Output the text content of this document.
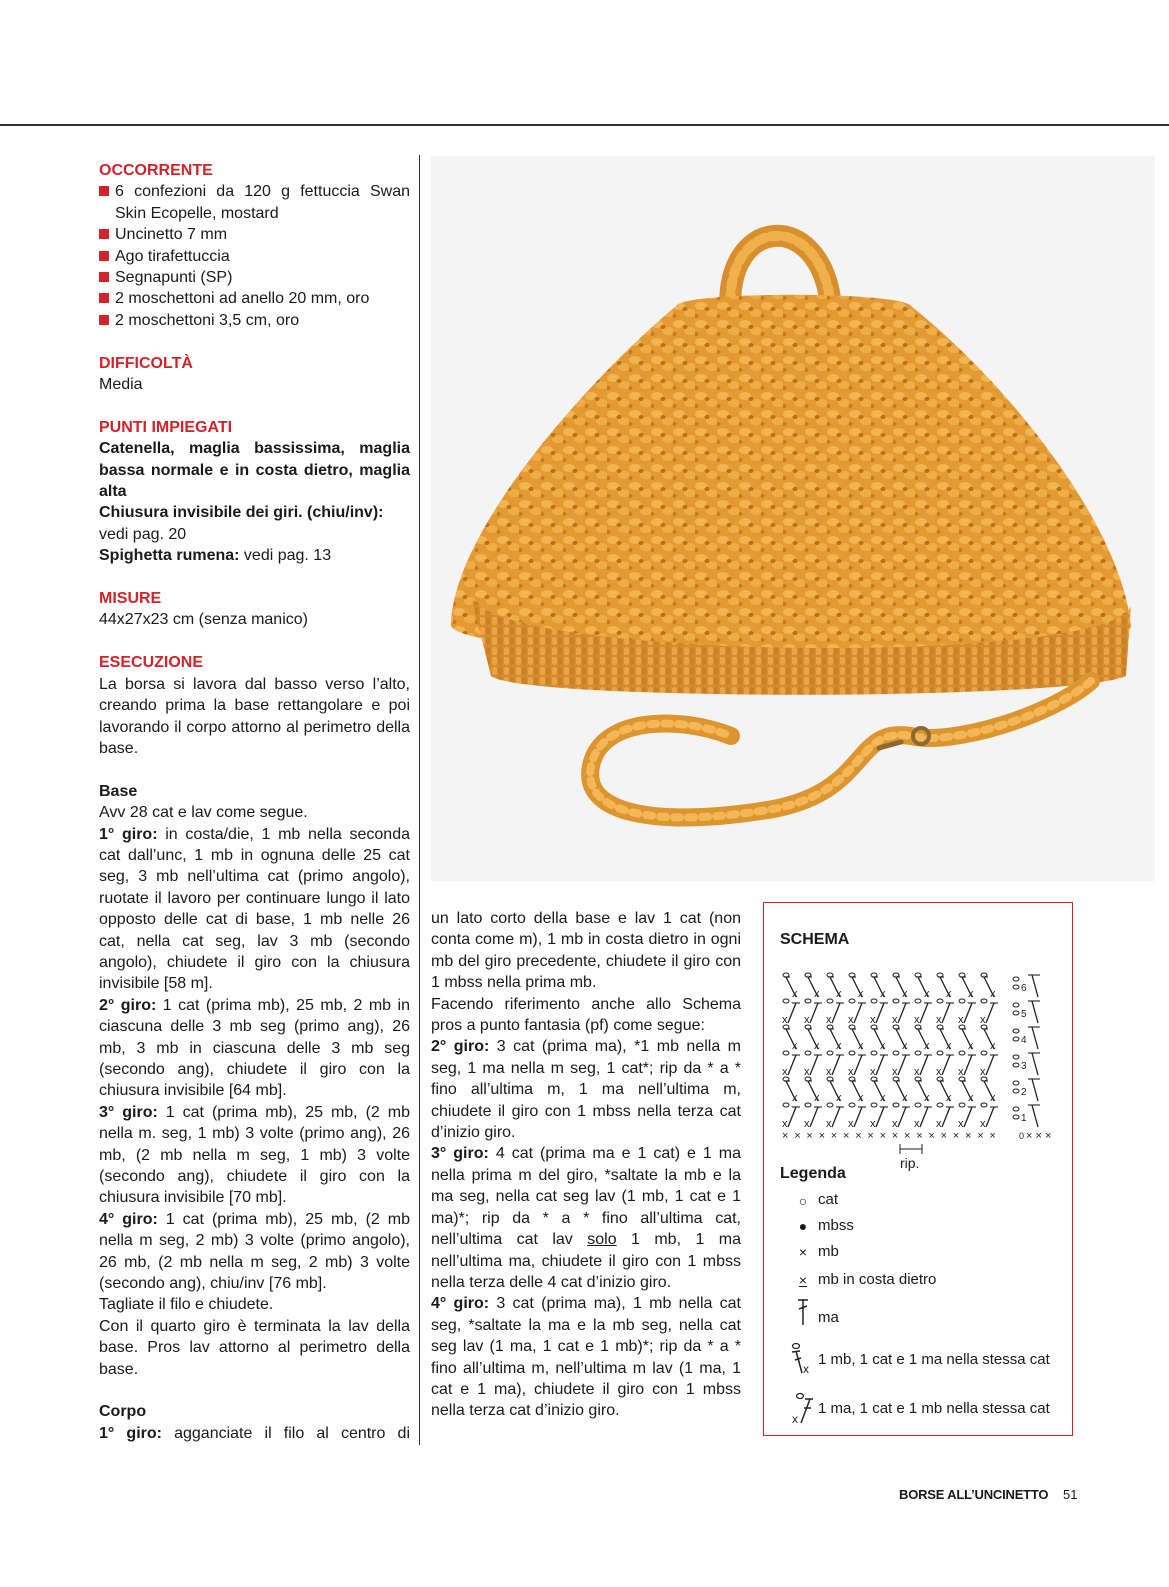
OCCORRENTE
6 confezioni da 120 g fettuccia Swan Skin Ecopelle, mostard
Uncinetto 7 mm
Ago tirafettuccia
Segnapunti (SP)
2 moschettoni ad anello 20 mm, oro
2 moschettoni 3,5 cm, oro
DIFFICOLTÀ

Media

PUNTI IMPIEGATI

Catenella, maglia bassissima, maglia bassa normale e in costa dietro, maglia alta

Chiusura invisibile dei giri. (chiu/inv): vedi pag. 20

Spighetta rumena: vedi pag. 13

MISURE

44x27x23 cm (senza manico)

ESECUZIONE

La borsa si lavora dal basso verso l’alto, creando prima la base rettangolare e poi lavorando il corpo attorno al perimetro della base.

Base

Avv 28 cat e lav come segue.

1° giro: in costa/die, 1 mb nella seconda cat dall’unc, 1 mb in ognuna delle 25 cat seg, 3 mb nell’ultima cat (primo angolo), ruotate il lavoro per continuare lungo il lato opposto delle cat di base, 1 mb nelle 26 cat, nella cat seg, lav 3 mb (secondo angolo), chiudete il giro con la chiusura invisibile [58 m].

2° giro: 1 cat (prima mb), 25 mb, 2 mb in ciascuna delle 3 mb seg (primo ang), 26 mb, 3 mb in ciascuna delle 3 mb seg (secondo ang), chiudete il giro con la chiusura invisibile [64 mb].

3° giro: 1 cat (prima mb), 25 mb, (2 mb nella m. seg, 1 mb) 3 volte (primo ang), 26 mb, (2 mb nella m seg, 1 mb) 3 volte (secondo ang), chiudete il giro con la chiusura invisibile [70 mb].

4° giro: 1 cat (prima mb), 25 mb, (2 mb nella m seg, 2 mb) 3 volte (primo angolo), 26 mb, (2 mb nella m seg, 2 mb) 3 volte (secondo ang), chiu/inv [76 mb].

Tagliate il filo e chiudete.

Con il quarto giro è terminata la lav della base. Pros lav attorno al perimetro della base.

Corpo

1° giro: agganciate il filo al centro di

un lato corto della base e lav 1 cat (non conta come m), 1 mb in costa dietro in ogni mb del giro precedente, chiudete il giro con 1 mbss nella prima mb.

Facendo riferimento anche allo Schema pros a punto fantasia (pf) come segue:

2° giro: 3 cat (prima ma), *1 mb nella m seg, 1 ma nella m seg, 1 cat*; rip da * a * fino all’ultima m, 1 ma nell’ultima m, chiudete il giro con 1 mbss nella terza cat d’inizio giro.

3° giro: 4 cat (prima ma e 1 cat) e 1 ma nella prima m del giro, *saltate la mb e la ma seg, nella cat seg lav (1 mb, 1 cat e 1 ma)*; rip da * a * fino all’ultima cat, nell’ultima cat lav solo 1 mb, 1 ma nell’ultima ma, chiudete il giro con 1 mbss nella terza delle 4 cat d’inizio giro.

4° giro: 3 cat (prima ma), 1 mb nella cat seg, *saltate la ma e la mb seg, nella cat seg lav (1 ma, 1 cat e 1 mb)*; rip da * a * fino all’ultima m, nell’ultima m lav (1 ma, 1 cat e 1 ma), chiudete il giro con 1 mbss nella terza cat d’inizio giro.

SCHEMA
× × × × × × × × × × × × × × × × × ×	0 × × ×
x x x x x x x x x x	1
x x x x x x x x x x	2
x x x x x x x x x x	3
x x x x x x x x x x	4
x x x x x x x x x x	5
x x x x x x x x x x	6
rip.
Legenda
○ cat
● mbss
× mb
× mb in costa dietro
ma
x
1 mb, 1 cat e 1 ma nella stessa cat
x
1 ma, 1 cat e 1 mb nella stessa cat
BORSE ALL’UNCINETTO 51
